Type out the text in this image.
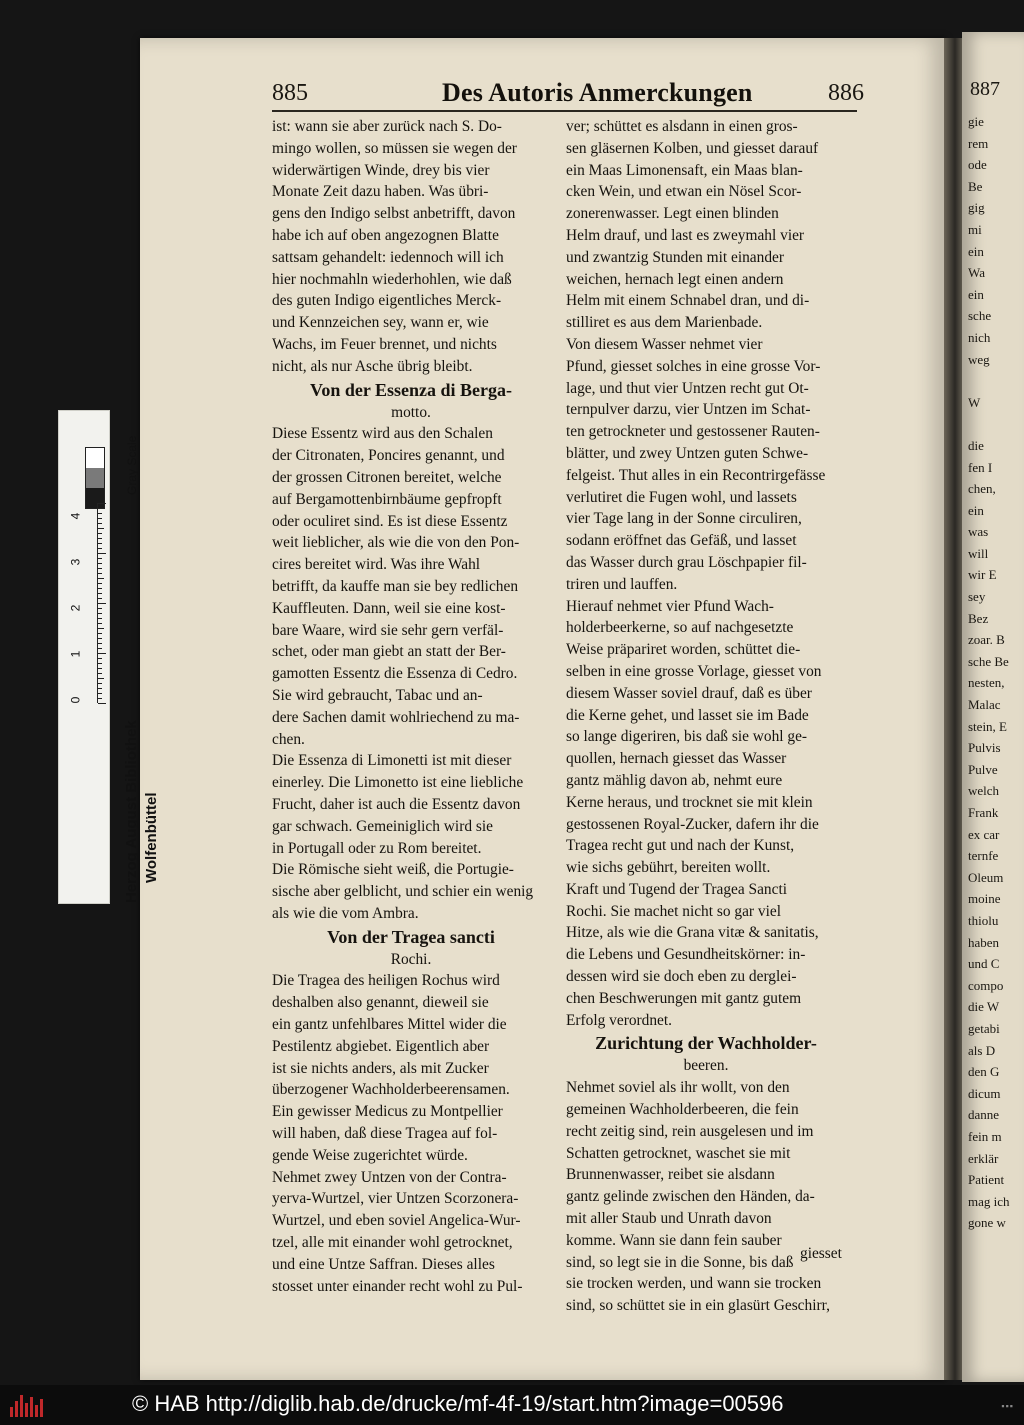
887
gie
rem
ode
Be
gig
mi
ein
Wa
ein
sche
nich
weg

W

die
fen I
chen,
ein
was
will
wir E
sey
Bez
zoar. B
sche Be
nesten,
Malac
stein, E
Pulvis
Pulve
welch
Frank
ex car
ternfe
Oleum
moine
thiolu
haben
und C
compo
die W
getabi
als D
den G
dicum
danne
fein m
erklär
Patient
mag ich
gone w
885	Des Autoris Anmerckungen	886
ist: wann sie aber zurück nach S. Do-
mingo wollen, so müssen sie wegen der
widerwärtigen Winde, drey bis vier
Monate Zeit dazu haben. Was übri-
gens den Indigo selbst anbetrifft, davon
habe ich auf oben angezognen Blatte
sattsam gehandelt: iedennoch will ich
hier nochmahln wiederhohlen, wie daß
des guten Indigo eigentliches Merck-
und Kennzeichen sey, wann er, wie
Wachs, im Feuer brennet, und nichts
nicht, als nur Asche übrig bleibt.
Von der Essenza di Berga-
motto.
Diese Essentz wird aus den Schalen
der Citronaten, Poncires genannt, und
der grossen Citronen bereitet, welche
auf Bergamottenbirnbäume gepfropft
oder oculiret sind. Es ist diese Essentz
weit lieblicher, als wie die von den Pon-
cires bereitet wird. Was ihre Wahl
betrifft, da kauffe man sie bey redlichen
Kauffleuten. Dann, weil sie eine kost-
bare Waare, wird sie sehr gern verfäl-
schet, oder man giebt an statt der Ber-
gamotten Essentz die Essenza di Cedro.
Sie wird gebraucht, Tabac und an-
dere Sachen damit wohlriechend zu ma-
chen.
Die Essenza di Limonetti ist mit dieser
einerley. Die Limonetto ist eine liebliche
Frucht, daher ist auch die Essentz davon
gar schwach. Gemeiniglich wird sie
in Portugall oder zu Rom bereitet.
Die Römische sieht weiß, die Portugie-
sische aber gelblicht, und schier ein wenig
als wie die vom Ambra.
Von der Tragea sancti
Rochi.
Die Tragea des heiligen Rochus wird
deshalben also genannt, dieweil sie
ein gantz unfehlbares Mittel wider die
Pestilentz abgiebet. Eigentlich aber
ist sie nichts anders, als mit Zucker
überzogener Wachholderbeerensamen.
Ein gewisser Medicus zu Montpellier
will haben, daß diese Tragea auf fol-
gende Weise zugerichtet würde.
Nehmet zwey Untzen von der Contra-
yerva-Wurtzel, vier Untzen Scorzonera-
Wurtzel, und eben soviel Angelica-Wur-
tzel, alle mit einander wohl getrocknet,
und eine Untze Saffran. Dieses alles
stosset unter einander recht wohl zu Pul-
ver; schüttet es alsdann in einen gros-
sen gläsernen Kolben, und giesset darauf
ein Maas Limonensaft, ein Maas blan-
cken Wein, und etwan ein Nösel Scor-
zonerenwasser. Legt einen blinden
Helm drauf, und last es zweymahl vier
und zwantzig Stunden mit einander
weichen, hernach legt einen andern
Helm mit einem Schnabel dran, und di-
stilliret es aus dem Marienbade.
Von diesem Wasser nehmet vier
Pfund, giesset solches in eine grosse Vor-
lage, und thut vier Untzen recht gut Ot-
ternpulver darzu, vier Untzen im Schat-
ten getrockneter und gestossener Rauten-
blätter, und zwey Untzen guten Schwe-
felgeist. Thut alles in ein Recontrirgefässe
verlutiret die Fugen wohl, und lassets
vier Tage lang in der Sonne circuliren,
sodann eröffnet das Gefäß, und lasset
das Wasser durch grau Löschpapier fil-
triren und lauffen.
Hierauf nehmet vier Pfund Wach-
holderbeerkerne, so auf nachgesetzte
Weise präpariret worden, schüttet die-
selben in eine grosse Vorlage, giesset von
diesem Wasser soviel drauf, daß es über
die Kerne gehet, und lasset sie im Bade
so lange digeriren, bis daß sie wohl ge-
quollen, hernach giesset das Wasser
gantz mählig davon ab, nehmt eure
Kerne heraus, und trocknet sie mit klein
gestossenen Royal-Zucker, dafern ihr die
Tragea recht gut und nach der Kunst,
wie sichs gebührt, bereiten wollt.
Kraft und Tugend der Tragea Sancti
Rochi. Sie machet nicht so gar viel
Hitze, als wie die Grana vitæ & sanitatis,
die Lebens und Gesundheitskörner: in-
dessen wird sie doch eben zu derglei-
chen Beschwerungen mit gantz gutem
Erfolg verordnet.
Zurichtung der Wachholder-
beeren.
Nehmet soviel als ihr wollt, von den
gemeinen Wachholderbeeren, die fein
recht zeitig sind, rein ausgelesen und im
Schatten getrocknet, waschet sie mit
Brunnenwasser, reibet sie alsdann
gantz gelinde zwischen den Händen, da-
mit aller Staub und Unrath davon
komme. Wann sie dann fein sauber
sind, so legt sie in die Sonne, bis daß
sie trocken werden, und wann sie trocken
sind, so schüttet sie in ein glasürt Geschirr,
giesset
Gray Scale
0
1
2
3
4
Herzog August Bibliothek Wolfenbüttel
© HAB http://diglib.hab.de/drucke/mf-4f-19/start.htm?image=00596	▪▪▪
